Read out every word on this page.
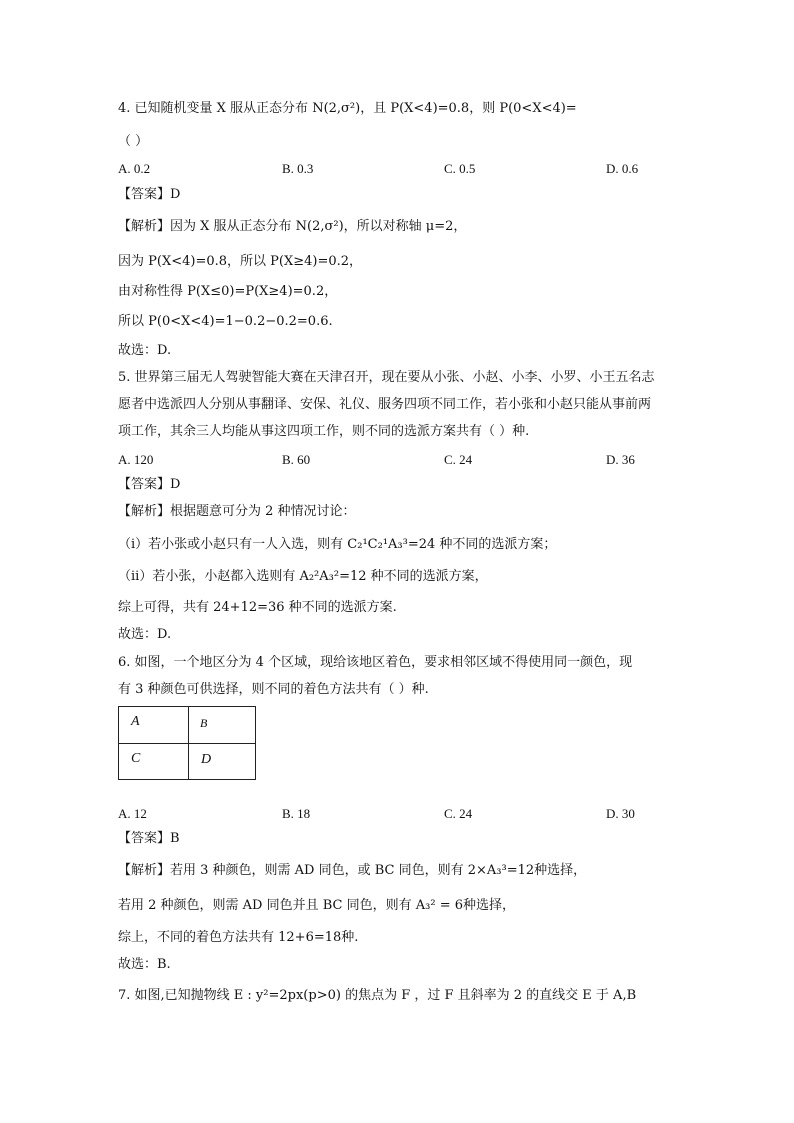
4. 已知随机变量 X 服从正态分布 N(2,σ²)，且 P(X<4)=0.8，则 P(0<X<4)=
（ ）
A. 0.2	B. 0.3	C. 0.5	D. 0.6
【答案】D
【解析】因为 X 服从正态分布 N(2,σ²)，所以对称轴 μ=2，
因为 P(X<4)=0.8，所以 P(X≥4)=0.2，
由对称性得 P(X≤0)=P(X≥4)=0.2，
所以 P(0<X<4)=1−0.2−0.2=0.6.
故选：D.
5. 世界第三届无人驾驶智能大赛在天津召开，现在要从小张、小赵、小李、小罗、小王五名志
愿者中选派四人分别从事翻译、安保、礼仪、服务四项不同工作，若小张和小赵只能从事前两
项工作，其余三人均能从事这四项工作，则不同的选派方案共有（ ）种.
A. 120	B. 60	C. 24	D. 36
【答案】D
【解析】根据题意可分为 2 种情况讨论：
（i）若小张或小赵只有一人入选，则有 C₂¹C₂¹A₃³=24 种不同的选派方案；
（ii）若小张，小赵都入选则有 A₂²A₃²=12 种不同的选派方案，
综上可得，共有 24+12=36 种不同的选派方案.
故选：D.
6. 如图，一个地区分为 4 个区域，现给该地区着色，要求相邻区域不得使用同一颜色，现
有 3 种颜色可供选择，则不同的着色方法共有（ ）种.
A	B
C	D
A. 12	B. 18	C. 24	D. 30
【答案】B
【解析】若用 3 种颜色，则需 AD 同色，或 BC 同色，则有 2×A₃³=12种选择，
若用 2 种颜色，则需 AD 同色并且 BC 同色，则有 A₃² = 6种选择，
综上，不同的着色方法共有 12+6=18种.
故选：B.
7. 如图,已知抛物线 E : y²=2px(p>0) 的焦点为 F ，过 F 且斜率为 2 的直线交 E 于 A,B
